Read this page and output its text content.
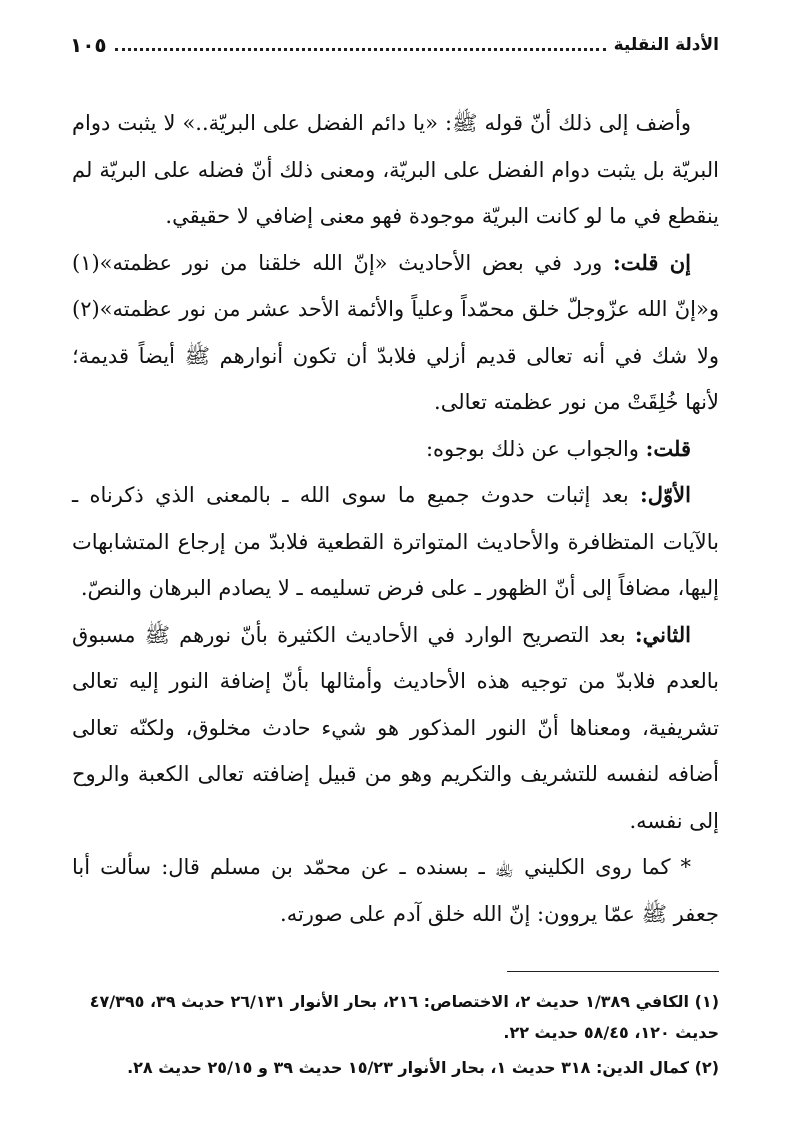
الأدلة النقلية
١٠٥

وأضف إلى ذلك أنّ قوله ﷺ: «يا دائم الفضل على البريّة..» لا يثبت دوام البريّة بل يثبت دوام الفضل على البريّة، ومعنى ذلك أنّ فضله على البريّة لم ينقطع في ما لو كانت البريّة موجودة فهو معنى إضافي لا حقيقي.

إن قلت: ورد في بعض الأحاديث «إنّ الله خلقنا من نور عظمته»(١) و«إنّ الله عزّوجلّ خلق محمّداً وعلياً والأئمة الأحد عشر من نور عظمته»(٢) ولا شك في أنه تعالى قديم أزلي فلابدّ أن تكون أنوارهم ﷺ أيضاً قديمة؛ لأنها خُلِقَتْ من نور عظمته تعالى.

قلت: والجواب عن ذلك بوجوه:

الأوّل: بعد إثبات حدوث جميع ما سوى الله ـ بالمعنى الذي ذكرناه ـ بالآيات المتظافرة والأحاديث المتواترة القطعية فلابدّ من إرجاع المتشابهات إليها، مضافاً إلى أنّ الظهور ـ على فرض تسليمه ـ لا يصادم البرهان والنصّ.

الثاني: بعد التصريح الوارد في الأحاديث الكثيرة بأنّ نورهم ﷺ مسبوق بالعدم فلابدّ من توجيه هذه الأحاديث وأمثالها بأنّ إضافة النور إليه تعالى تشريفية، ومعناها أنّ النور المذكور هو شيء حادث مخلوق، ولكنّه تعالى أضافه لنفسه للتشريف والتكريم وهو من قبيل إضافته تعالى الكعبة والروح إلى نفسه.

* كما روى الكليني ﵀ ـ بسنده ـ عن محمّد بن مسلم قال: سألت أبا جعفر ﷺ عمّا يروون: إنّ الله خلق آدم على صورته.

(١) الكافي ١/٣٨٩ حديث ٢، الاختصاص: ٢١٦، بحار الأنوار ٢٦/١٣١ حديث ٣٩، ٤٧/٣٩٥ حديث ١٢٠، ٥٨/٤٥ حديث ٢٢.

(٢) كمال الدين: ٣١٨ حديث ١، بحار الأنوار ١٥/٢٣ حديث ٣٩ و ٢٥/١٥ حديث ٢٨.
